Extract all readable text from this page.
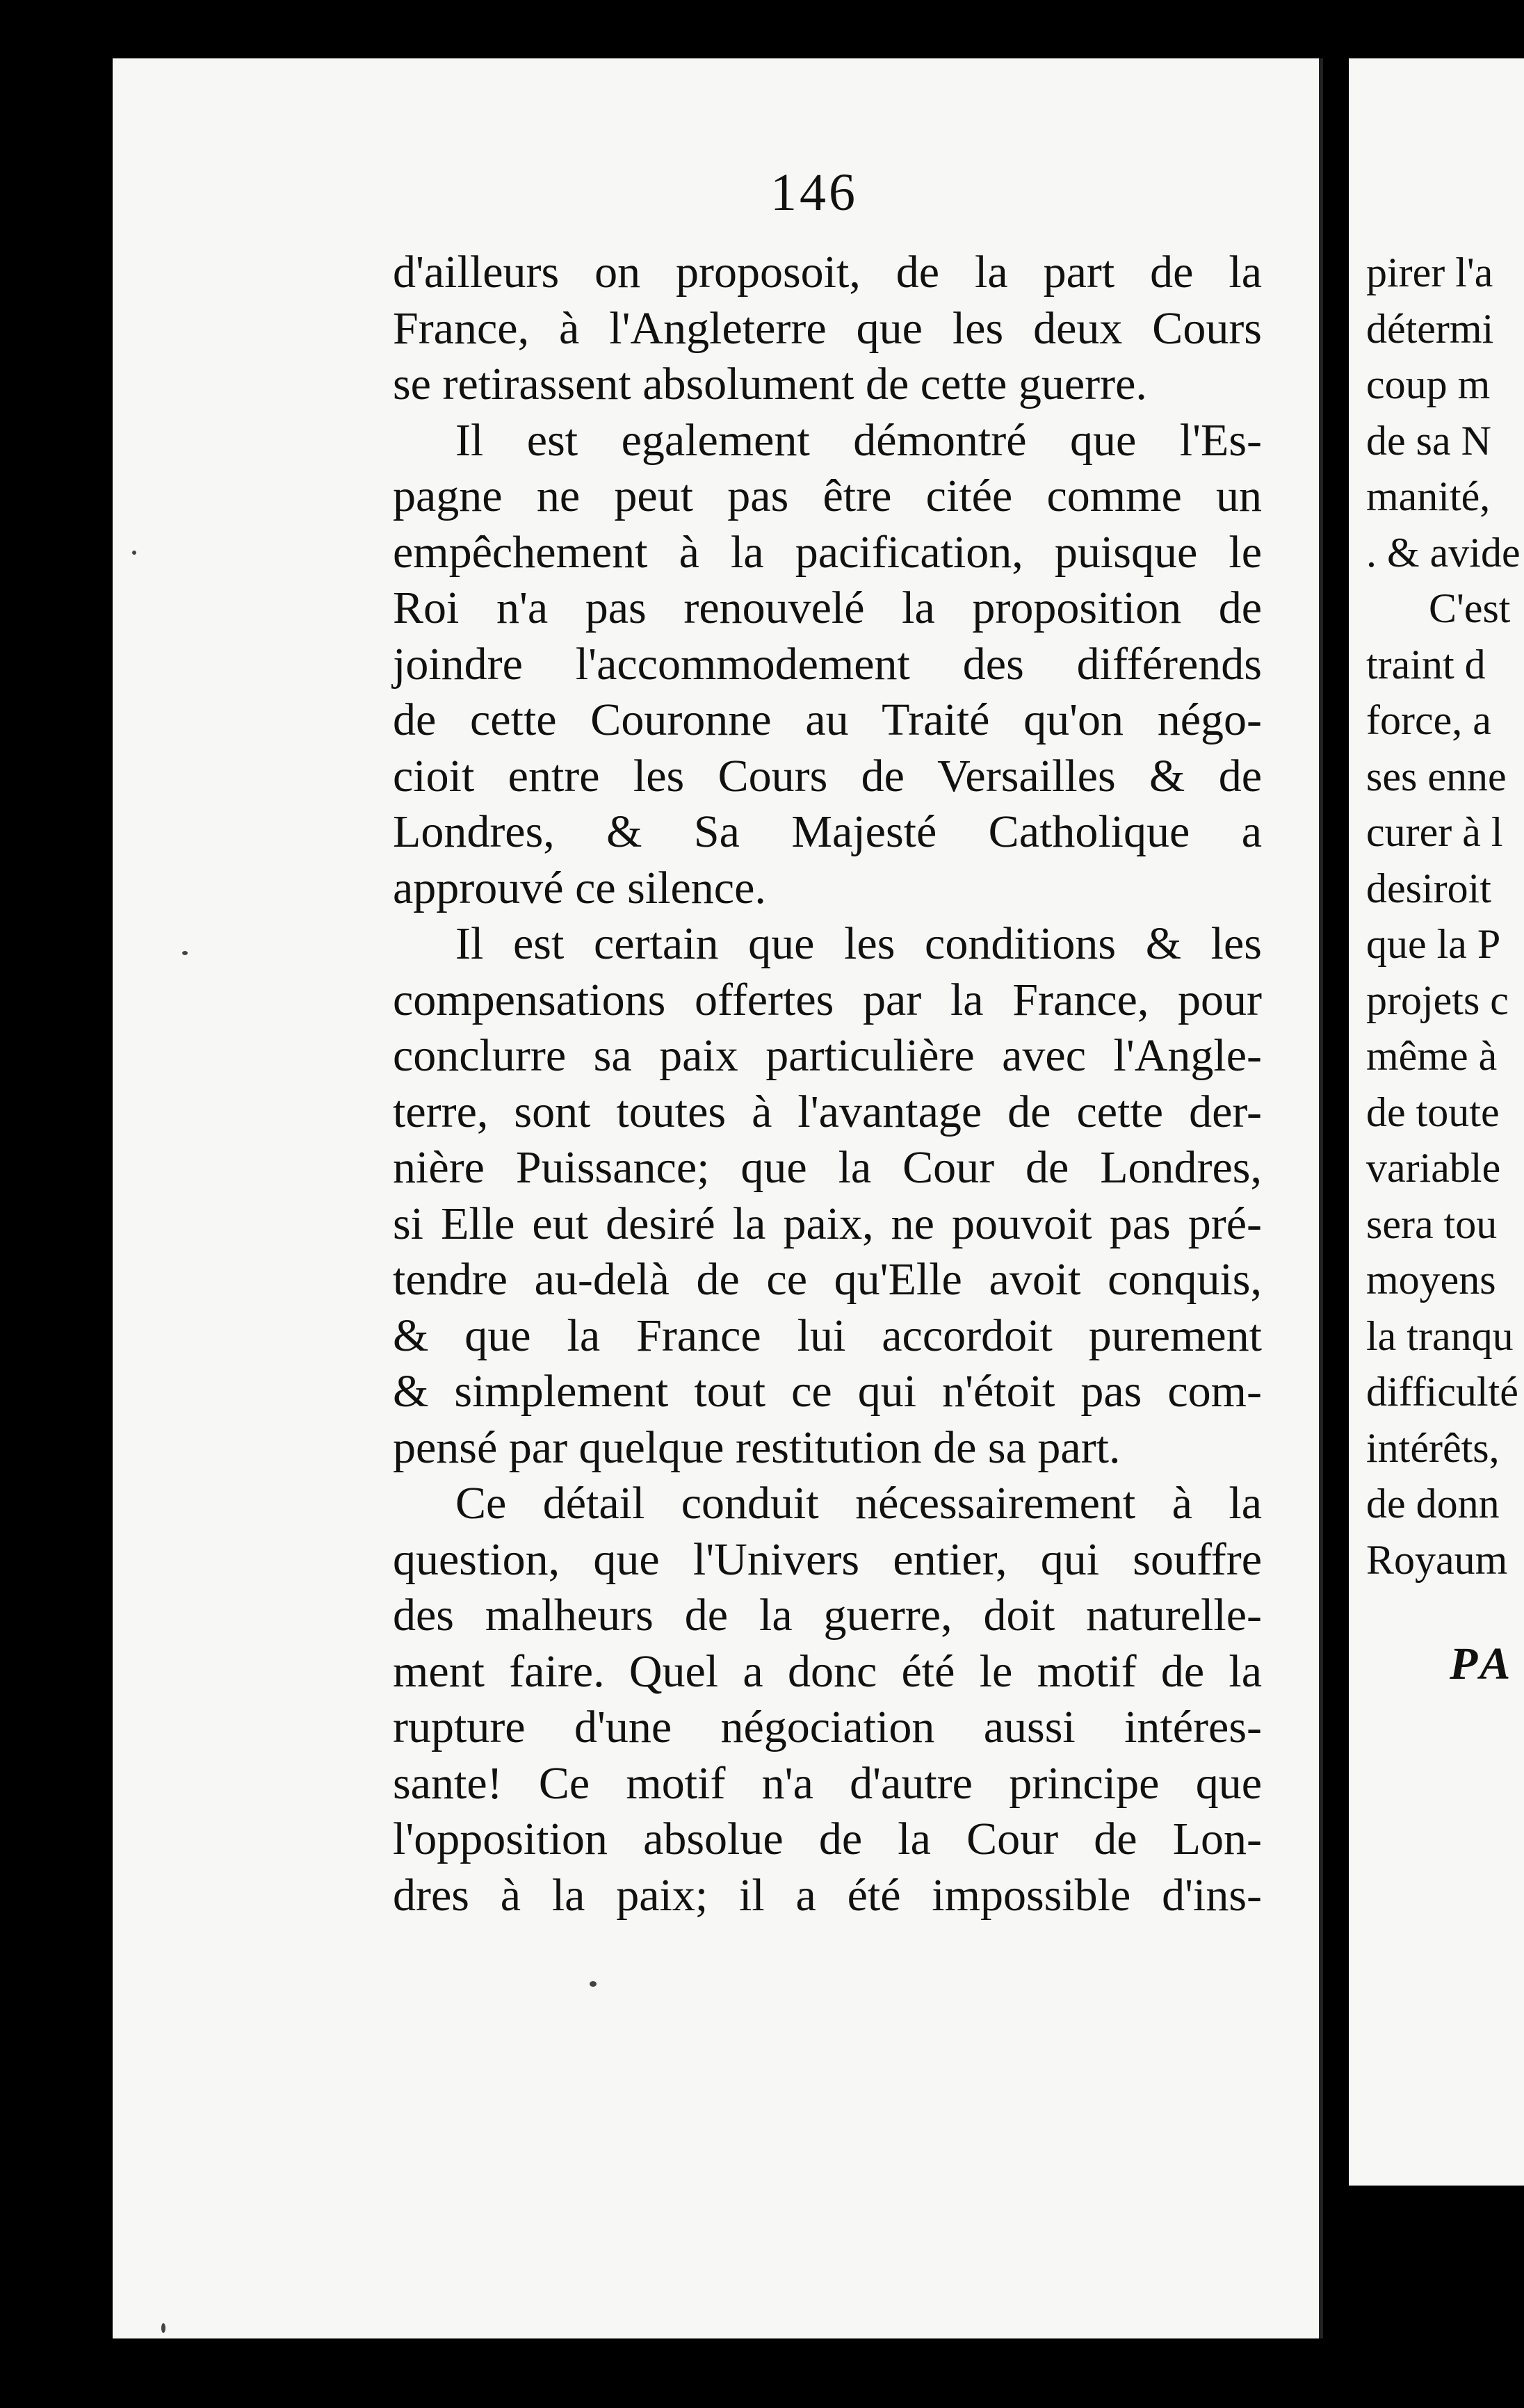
146
d'ailleurs on proposoit, de la part de la
France, à l'Angleterre que les deux Cours
se retirassent absolument de cette guerre.
Il est egalement démontré que l'Es-
pagne ne peut pas être citée comme un
empêchement à la pacification, puisque le
Roi n'a pas renouvelé la proposition de
joindre l'accommodement des différends
de cette Couronne au Traité qu'on négo-
cioit entre les Cours de Versailles & de
Londres, & Sa Majesté Catholique a
approuvé ce silence.
Il est certain que les conditions & les
compensations offertes par la France, pour
conclurre sa paix particulière avec l'Angle-
terre, sont toutes à l'avantage de cette der-
nière Puissance; que la Cour de Londres,
si Elle eut desiré la paix, ne pouvoit pas pré-
tendre au-delà de ce qu'Elle avoit conquis,
& que la France lui accordoit purement
& simplement tout ce qui n'étoit pas com-
pensé par quelque restitution de sa part.
Ce détail conduit nécessairement à la
question, que l'Univers entier, qui souffre
des malheurs de la guerre, doit naturelle-
ment faire. Quel a donc été le motif de la
rupture d'une négociation aussi intéres-
sante! Ce motif n'a d'autre principe que
l'opposition absolue de la Cour de Lon-
dres à la paix; il a été impossible d'ins-
pirer l'a
détermi
coup m
de sa N
manité,
. & avide
C'est
traint d
force, a
ses enne
curer à l
desiroit
que la P
projets c
même à
de toute
variable
sera tou
moyens
la tranqu
difficulté
intérêts,
de donn
Royaum
PA
